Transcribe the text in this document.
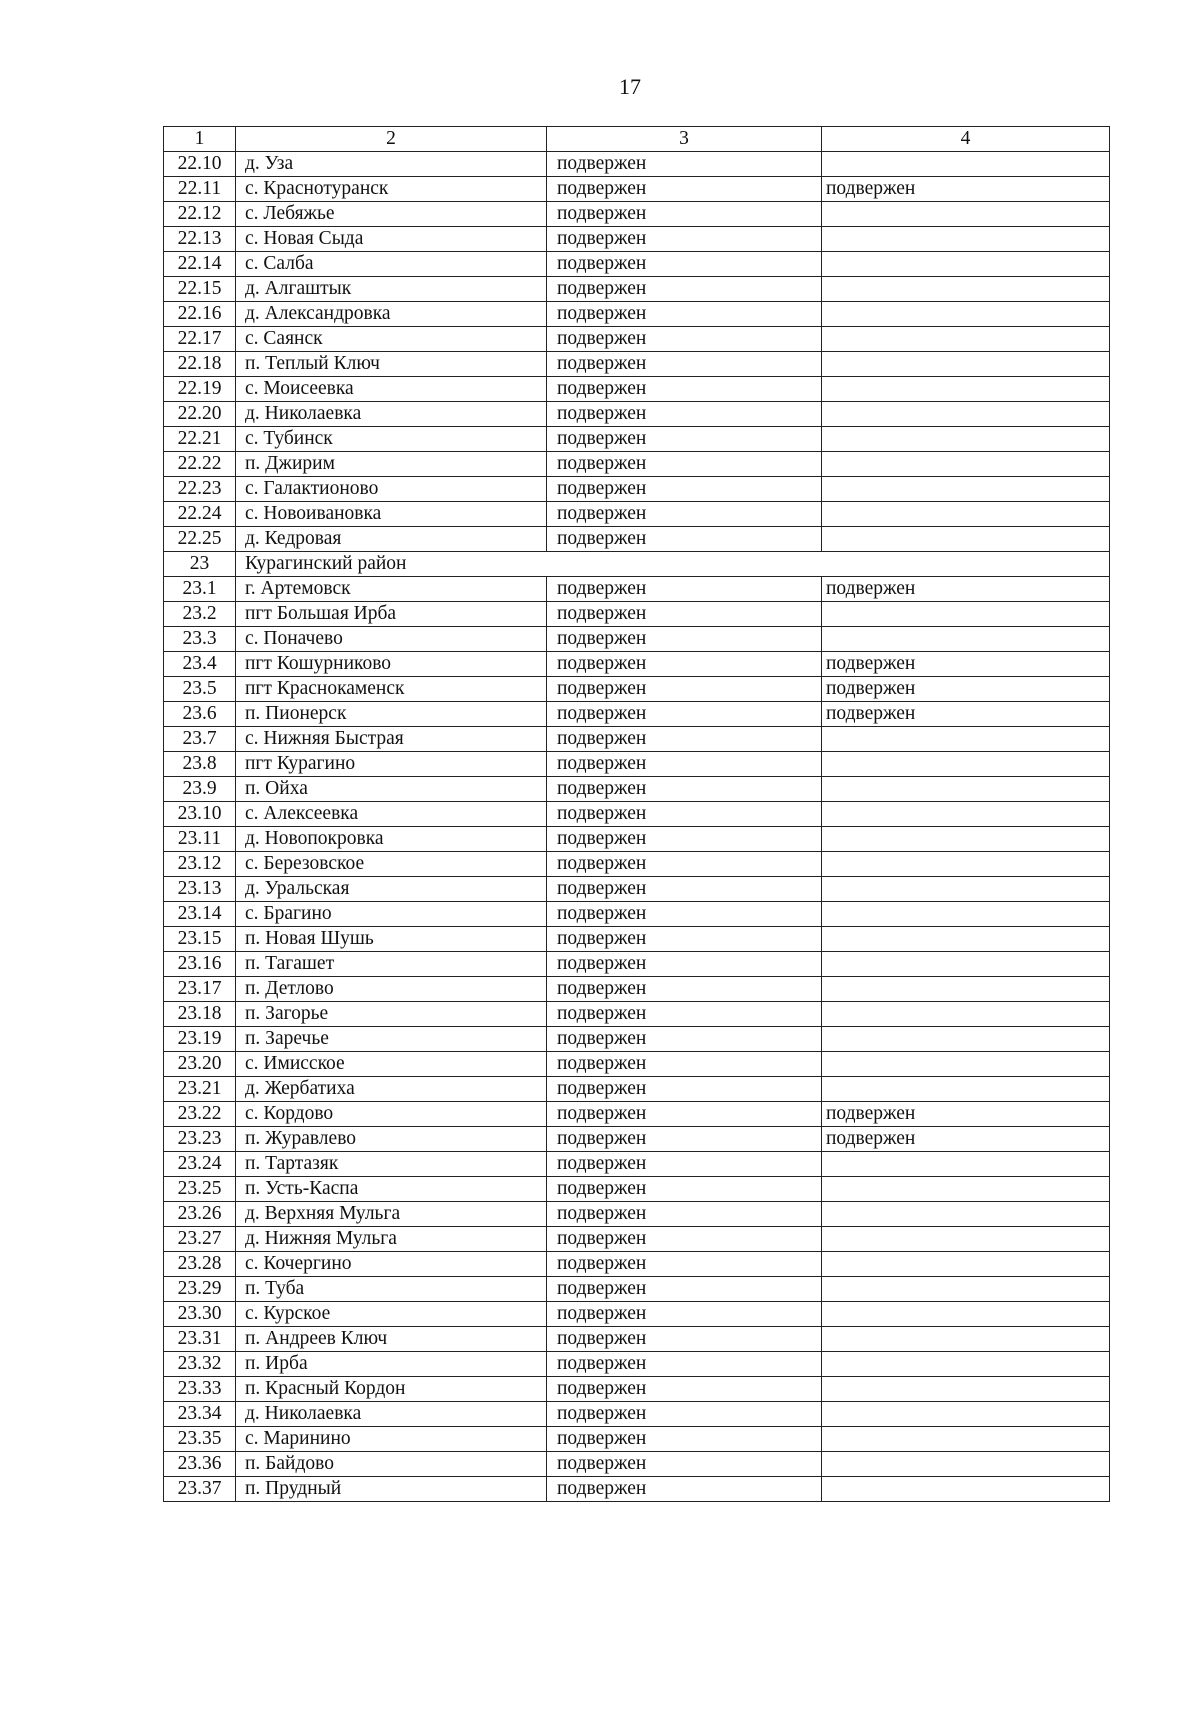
17
1	2	3	4
22.10	д. Уза	подвержен	
22.11	с. Краснотуранск	подвержен	подвержен
22.12	с. Лебяжье	подвержен	
22.13	с. Новая Сыда	подвержен	
22.14	с. Салба	подвержен	
22.15	д. Алгаштык	подвержен	
22.16	д. Александровка	подвержен	
22.17	с. Саянск	подвержен	
22.18	п. Теплый Ключ	подвержен	
22.19	с. Моисеевка	подвержен	
22.20	д. Николаевка	подвержен	
22.21	с. Тубинск	подвержен	
22.22	п. Джирим	подвержен	
22.23	с. Галактионово	подвержен	
22.24	с. Новоивановка	подвержен	
22.25	д. Кедровая	подвержен	
23	Курагинский район		
23.1	г. Артемовск	подвержен	подвержен
23.2	пгт Большая Ирба	подвержен	
23.3	с. Поначево	подвержен	
23.4	пгт Кошурниково	подвержен	подвержен
23.5	пгт Краснокаменск	подвержен	подвержен
23.6	п. Пионерск	подвержен	подвержен
23.7	с. Нижняя Быстрая	подвержен	
23.8	пгт Курагино	подвержен	
23.9	п. Ойха	подвержен	
23.10	с. Алексеевка	подвержен	
23.11	д. Новопокровка	подвержен	
23.12	с. Березовское	подвержен	
23.13	д. Уральская	подвержен	
23.14	с. Брагино	подвержен	
23.15	п. Новая Шушь	подвержен	
23.16	п. Тагашет	подвержен	
23.17	п. Детлово	подвержен	
23.18	п. Загорье	подвержен	
23.19	п. Заречье	подвержен	
23.20	с. Имисское	подвержен	
23.21	д. Жербатиха	подвержен	
23.22	с. Кордово	подвержен	подвержен
23.23	п. Журавлево	подвержен	подвержен
23.24	п. Тартазяк	подвержен	
23.25	п. Усть-Каспа	подвержен	
23.26	д. Верхняя Мульга	подвержен	
23.27	д. Нижняя Мульга	подвержен	
23.28	с. Кочергино	подвержен	
23.29	п. Туба	подвержен	
23.30	с. Курское	подвержен	
23.31	п. Андреев Ключ	подвержен	
23.32	п. Ирба	подвержен	
23.33	п. Красный Кордон	подвержен	
23.34	д. Николаевка	подвержен	
23.35	с. Маринино	подвержен	
23.36	п. Байдово	подвержен	
23.37	п. Прудный	подвержен	
